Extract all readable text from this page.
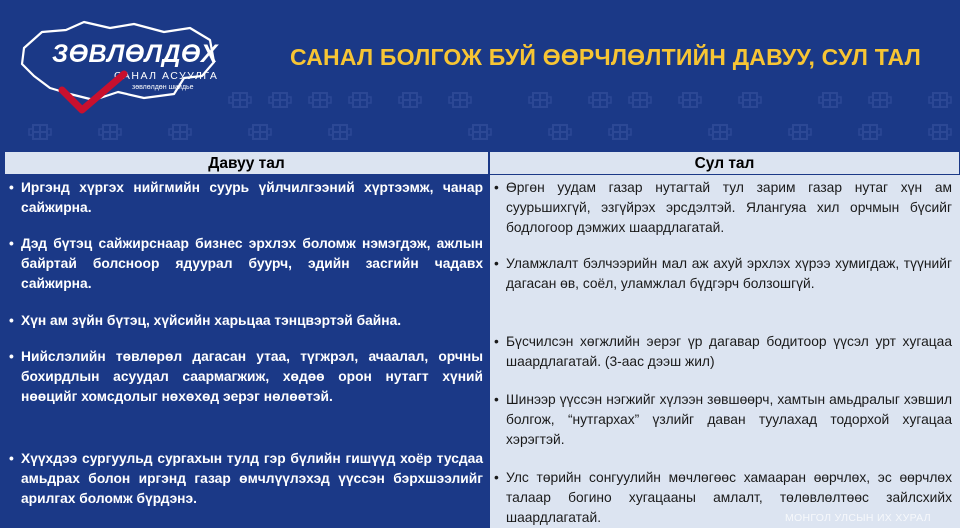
ЗӨВЛӨЛДӨХ
САНАЛ АСУУЛГА
зөвлөлдөн шийдье
САНАЛ БОЛГОЖ БУЙ ӨӨРЧЛӨЛТИЙН ДАВУУ, СУЛ ТАЛ
Давуу тал	Сул тал
• Иргэнд хүргэх нийгмийн суурь үйлчилгээний хүртээмж, чанар сайжирна.
• Дэд бүтэц сайжирснаар бизнес эрхлэх боломж нэмэгдэж, ажлын байртай болсноор ядуурал буурч, эдийн засгийн чадавх сайжирна.
• Хүн ам зүйн бүтэц, хүйсийн харьцаа тэнцвэртэй байна.
• Нийслэлийн төвлөрөл дагасан утаа, түгжрэл, ачаалал, орчны бохирдлын асуудал саармагжиж, хөдөө орон нутагт хүний нөөцийг хомсдолыг нөхөхөд эерэг нөлөөтэй.
• Хүүхдээ сургуульд сургахын тулд гэр бүлийн гишүүд хоёр тусдаа амьдрах болон иргэнд газар өмчлүүлэхэд үүссэн бэрхшээлийг арилгах боломж бүрдэнэ.
• Өргөн уудам газар нутагтай тул зарим газар нутаг хүн ам суурьшихгүй, эзгүйрэх эрсдэлтэй. Ялангуяа хил орчмын бүсийг бодлогоор дэмжих шаардлагатай.
• Уламжлалт бэлчээрийн мал аж ахуй эрхлэх хүрээ хумигдаж, түүнийг дагасан өв, соёл, уламжлал бүдгэрч болзошгүй.
• Бүсчилсэн хөгжлийн эерэг үр дагавар бодитоор үүсэл урт хугацаа шаардлагатай. (3-аас дээш жил)
• Шинээр үүссэн нэгжийг хүлээн зөвшөөрч, хамтын амьдралыг хэвшил болгож, “нутгархах” үзлийг даван туулахад тодорхой хугацаа хэрэгтэй.
• Улс төрийн сонгуулийн мөчлөгөөс хамааран өөрчлөх, эс өөрчлөх талаар богино хугацааны амлалт, төлөвлөлтөөс зайлсхийх шаардлагатай.	МОНГОЛ УЛСЫН ИХ ХУРАЛ
